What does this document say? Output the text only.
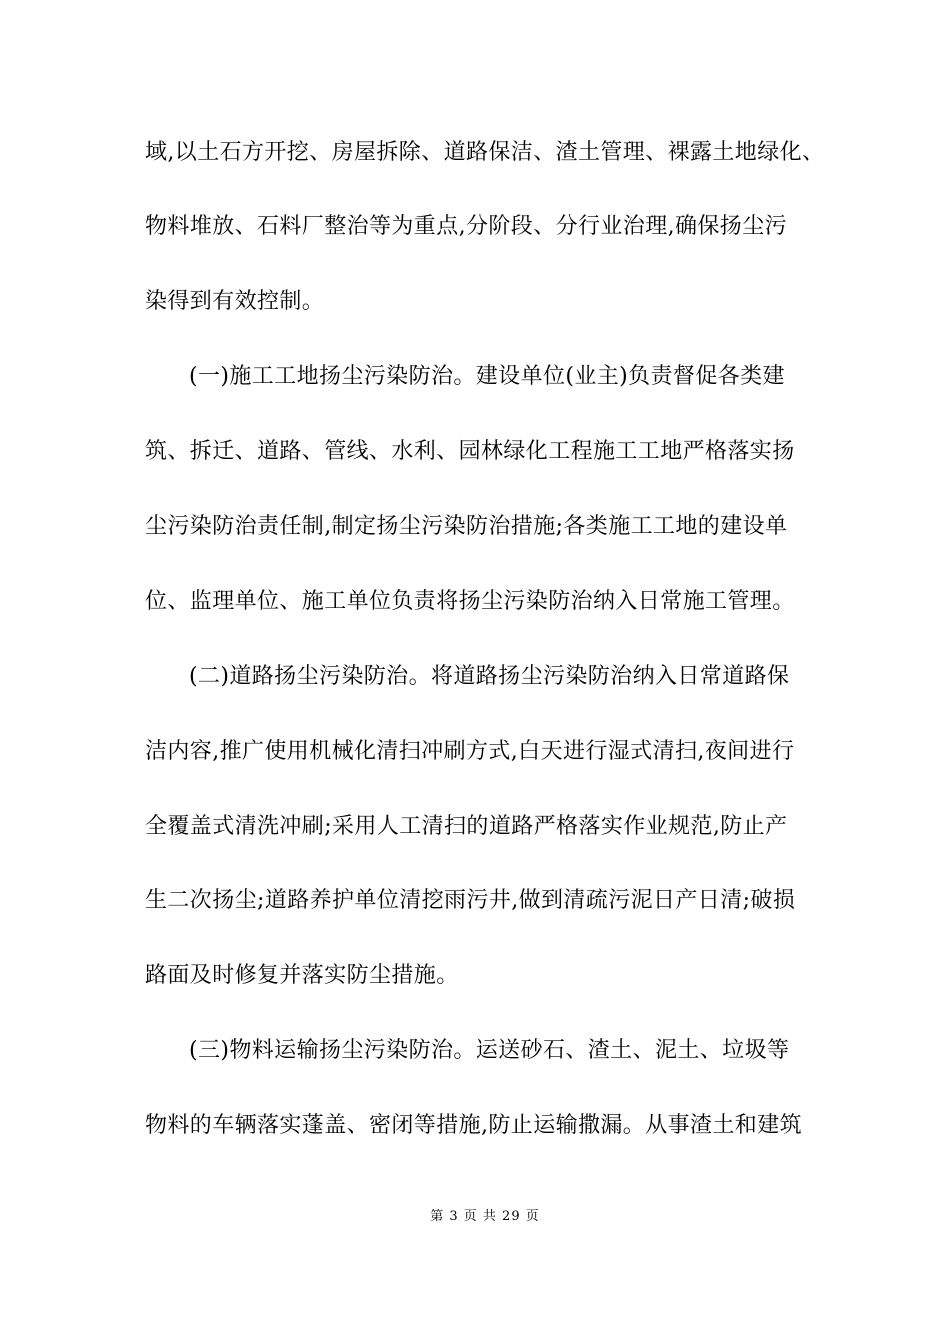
域,以土石方开挖、房屋拆除、道路保洁、渣土管理、裸露土地绿化、
物料堆放、石料厂整治等为重点,分阶段、分行业治理,确保扬尘污
染得到有效控制。
(一)施工工地扬尘污染防治。建设单位(业主)负责督促各类建
筑、拆迁、道路、管线、水利、园林绿化工程施工工地严格落实扬
尘污染防治责任制,制定扬尘污染防治措施;各类施工工地的建设单
位、监理单位、施工单位负责将扬尘污染防治纳入日常施工管理。
(二)道路扬尘污染防治。将道路扬尘污染防治纳入日常道路保
洁内容,推广使用机械化清扫冲刷方式,白天进行湿式清扫,夜间进行
全覆盖式清洗冲刷;采用人工清扫的道路严格落实作业规范,防止产
生二次扬尘;道路养护单位清挖雨污井,做到清疏污泥日产日清;破损
路面及时修复并落实防尘措施。
(三)物料运输扬尘污染防治。运送砂石、渣土、泥土、垃圾等
物料的车辆落实蓬盖、密闭等措施,防止运输撒漏。从事渣土和建筑
第 3 页 共 29 页
